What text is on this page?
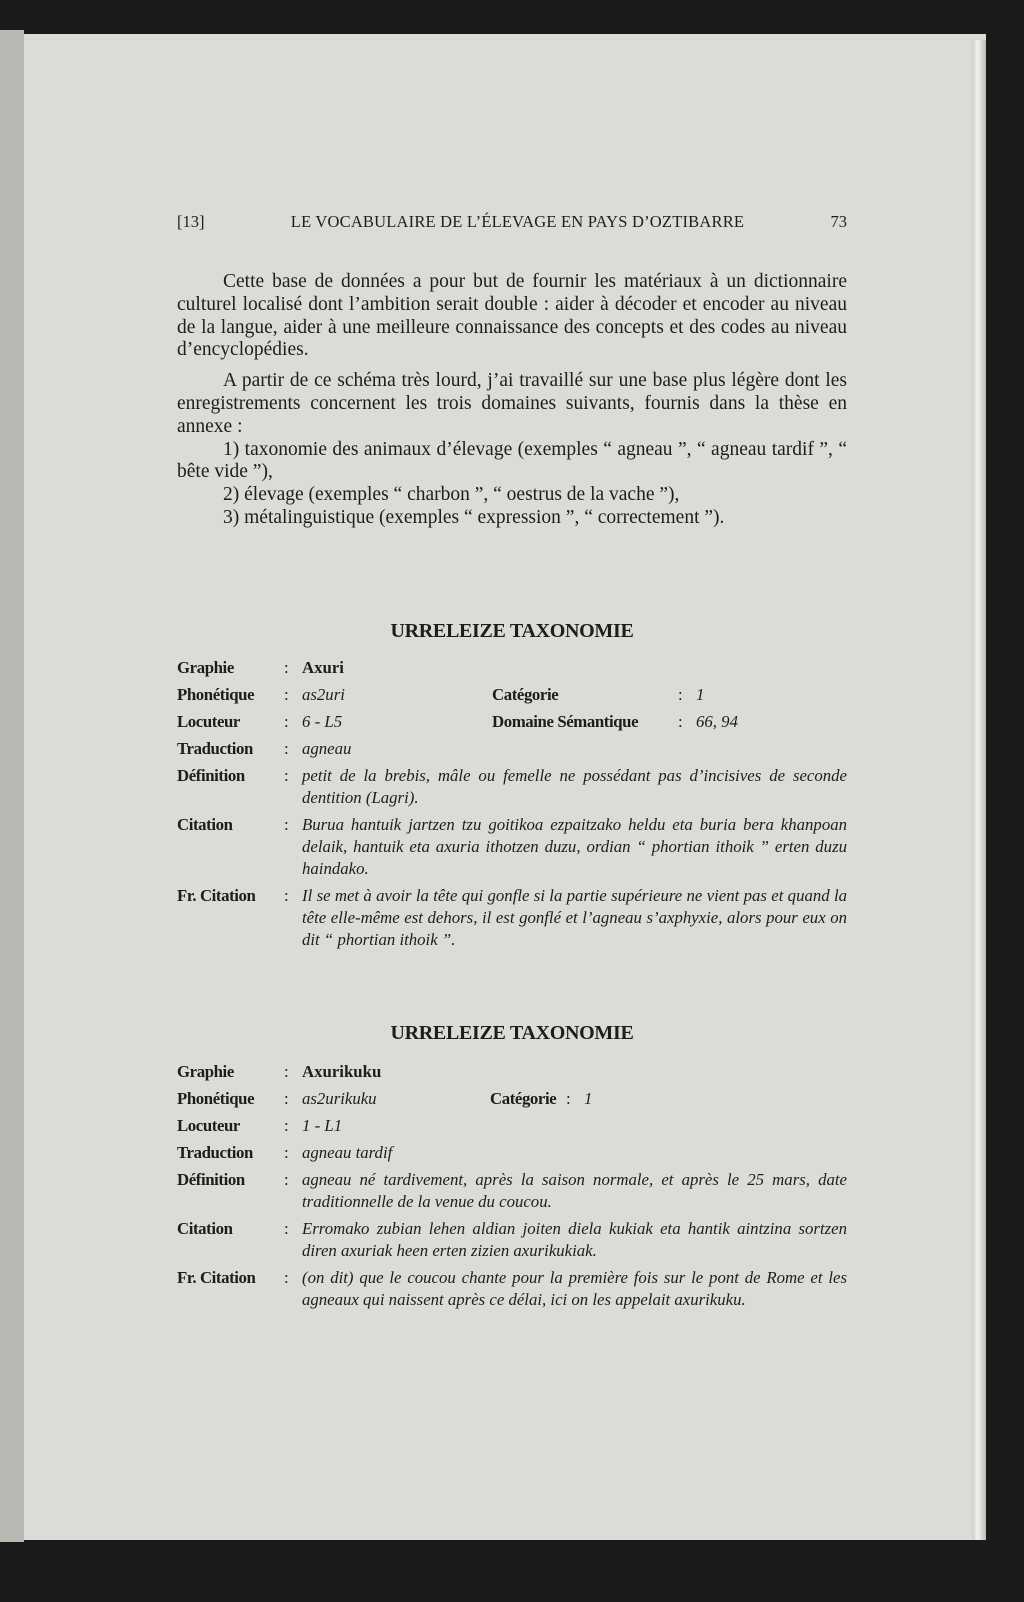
[13]	LE VOCABULAIRE DE L’ÉLEVAGE EN PAYS D’OZTIBARRE	73

Cette base de données a pour but de fournir les matériaux à un dictionnaire culturel localisé dont l’ambition serait double : aider à décoder et encoder au niveau de la langue, aider à une meilleure connaissance des concepts et des codes au niveau d’encyclopédies.

A partir de ce schéma très lourd, j’ai travaillé sur une base plus légère dont les enregistrements concernent les trois domaines suivants, fournis dans la thèse en annexe :

1) taxonomie des animaux d’élevage (exemples “ agneau ”, “ agneau tardif ”, “ bête vide ”),
2) élevage (exemples “ charbon ”, “ oestrus de la vache ”),
3) métalinguistique (exemples “ expression ”, “ correctement ”).
URRELEIZE TAXONOMIE
Graphie	: Axuri
Phonétique	: as2uri	Catégorie	: 1
Locuteur	: 6 - L5	Domaine Sémantique	: 66, 94
Traduction	: agneau
Définition	: petit de la brebis, mâle ou femelle ne possédant pas d’incisives de seconde dentition (Lagri).
Citation	: Burua hantuik jartzen tzu goitikoa ezpaitzako heldu eta buria bera khanpoan delaik, hantuik eta axuria ithotzen duzu, ordian “ phortian ithoik ” erten duzu haindako.
Fr. Citation	: Il se met à avoir la tête qui gonfle si la partie supérieure ne vient pas et quand la tête elle-même est dehors, il est gonflé et l’agneau s’axphyxie, alors pour eux on dit “ phortian ithoik ”.
URRELEIZE TAXONOMIE
Graphie	: Axurikuku
Phonétique	: as2urikuku	Catégorie : 1
Locuteur	: 1 - L1
Traduction	: agneau tardif
Définition	: agneau né tardivement, après la saison normale, et après le 25 mars, date traditionnelle de la venue du coucou.
Citation	: Erromako zubian lehen aldian joiten diela kukiak eta hantik aintzina sortzen diren axuriak heen erten zizien axurikukiak.
Fr. Citation	: (on dit) que le coucou chante pour la première fois sur le pont de Rome et les agneaux qui naissent après ce délai, ici on les appelait axurikuku.
